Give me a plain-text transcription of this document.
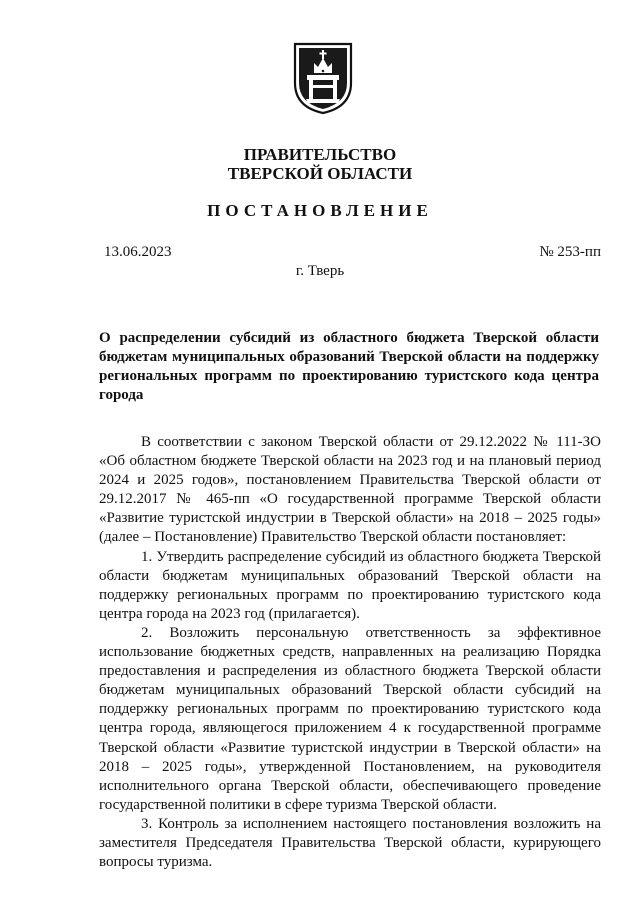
ПРАВИТЕЛЬСТВО
ТВЕРСКОЙ ОБЛАСТИ
ПОСТАНОВЛЕНИЕ
13.06.2023	№ 253-пп
г. Тверь
О распределении субсидий из областного бюджета Тверской области бюджетам муниципальных образований Тверской области на поддержку региональных программ по проектированию туристского кода центра города

В соответствии с законом Тверской области от 29.12.2022 № 111-ЗО «Об областном бюджете Тверской области на 2023 год и на плановый период 2024 и 2025 годов», постановлением Правительства Тверской области от 29.12.2017 № 465-пп «О государственной программе Тверской области «Развитие туристской индустрии в Тверской области» на 2018 – 2025 годы» (далее – Постановление) Правительство Тверской области постановляет:

1. Утвердить распределение субсидий из областного бюджета Тверской области бюджетам муниципальных образований Тверской области на поддержку региональных программ по проектированию туристского кода центра города на 2023 год (прилагается).

2. Возложить персональную ответственность за эффективное использование бюджетных средств, направленных на реализацию Порядка предоставления и распределения из областного бюджета Тверской области бюджетам муниципальных образований Тверской области субсидий на поддержку региональных программ по проектированию туристского кода центра города, являющегося приложением 4 к государственной программе Тверской области «Развитие туристской индустрии в Тверской области» на 2018 – 2025 годы», утвержденной Постановлением, на руководителя исполнительного органа Тверской области, обеспечивающего проведение государственной политики в сфере туризма Тверской области.

3. Контроль за исполнением настоящего постановления возложить на заместителя Председателя Правительства Тверской области, курирующего вопросы туризма.
